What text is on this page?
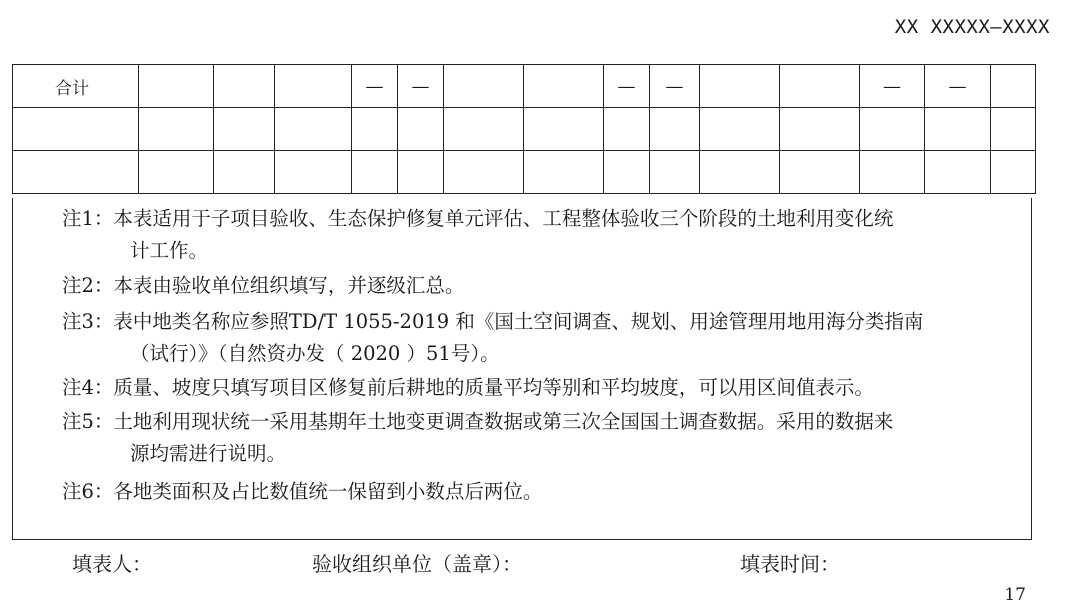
XX XXXXX—XXXX
合计				—	—			—	—			—	—	

注1：本表适用于子项目验收、生态保护修复单元评估、工程整体验收三个阶段的土地利用变化统
计工作。
注2：本表由验收单位组织填写，并逐级汇总。
注3：表中地类名称应参照TD/T 1055-2019 和《国土空间调查、规划、用途管理用地用海分类指南
（试行）》（自然资办发（ 2020 ）51号）。
注4：质量、坡度只填写项目区修复前后耕地的质量平均等别和平均坡度，可以用区间值表示。
注5：土地利用现状统一采用基期年土地变更调查数据或第三次全国国土调查数据。采用的数据来
源均需进行说明。
注6：各地类面积及占比数值统一保留到小数点后两位。
填表人：	验收组织单位（盖章）：	填表时间：
17
